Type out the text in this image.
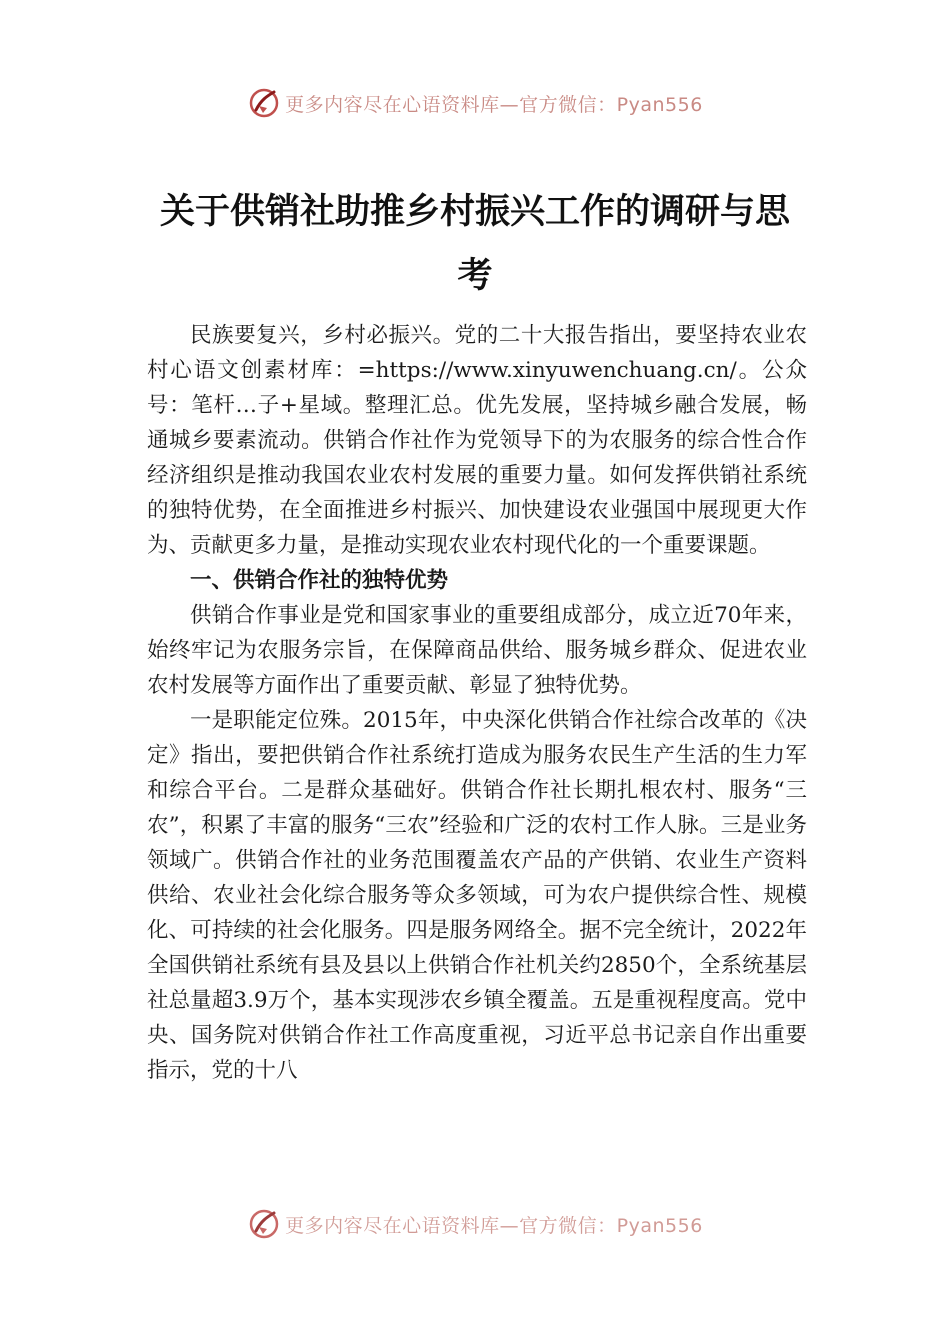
更多内容尽在心语资料库—官方微信：Pyan556
关于供销社助推乡村振兴工作的调研与思
考

民族要复兴，乡村必振兴。党的二十大报告指出，要坚持农业农村心语文创素材库：=https://www.xinyuwenchuang.cn/。公众号：笔杆…子+星域。整理汇总。优先发展，坚持城乡融合发展，畅通城乡要素流动。供销合作社作为党领导下的为农服务的综合性合作经济组织是推动我国农业农村发展的重要力量。如何发挥供销社系统的独特优势，在全面推进乡村振兴、加快建设农业强国中展现更大作为、贡献更多力量，是推动实现农业农村现代化的一个重要课题。

一、供销合作社的独特优势

供销合作事业是党和国家事业的重要组成部分，成立近70年来，始终牢记为农服务宗旨，在保障商品供给、服务城乡群众、促进农业农村发展等方面作出了重要贡献、彰显了独特优势。

一是职能定位殊。2015年，中央深化供销合作社综合改革的《决定》指出，要把供销合作社系统打造成为服务农民生产生活的生力军和综合平台。二是群众基础好。供销合作社长期扎根农村、服务“三农”，积累了丰富的服务“三农”经验和广泛的农村工作人脉。三是业务领域广。供销合作社的业务范围覆盖农产品的产供销、农业生产资料供给、农业社会化综合服务等众多领域，可为农户提供综合性、规模化、可持续的社会化服务。四是服务网络全。据不完全统计，2022年全国供销社系统有县及县以上供销合作社机关约2850个，全系统基层社总量超3.9万个，基本实现涉农乡镇全覆盖。五是重视程度高。党中央、国务院对供销合作社工作高度重视，习近平总书记亲自作出重要指示，党的十八

更多内容尽在心语资料库—官方微信：Pyan556
